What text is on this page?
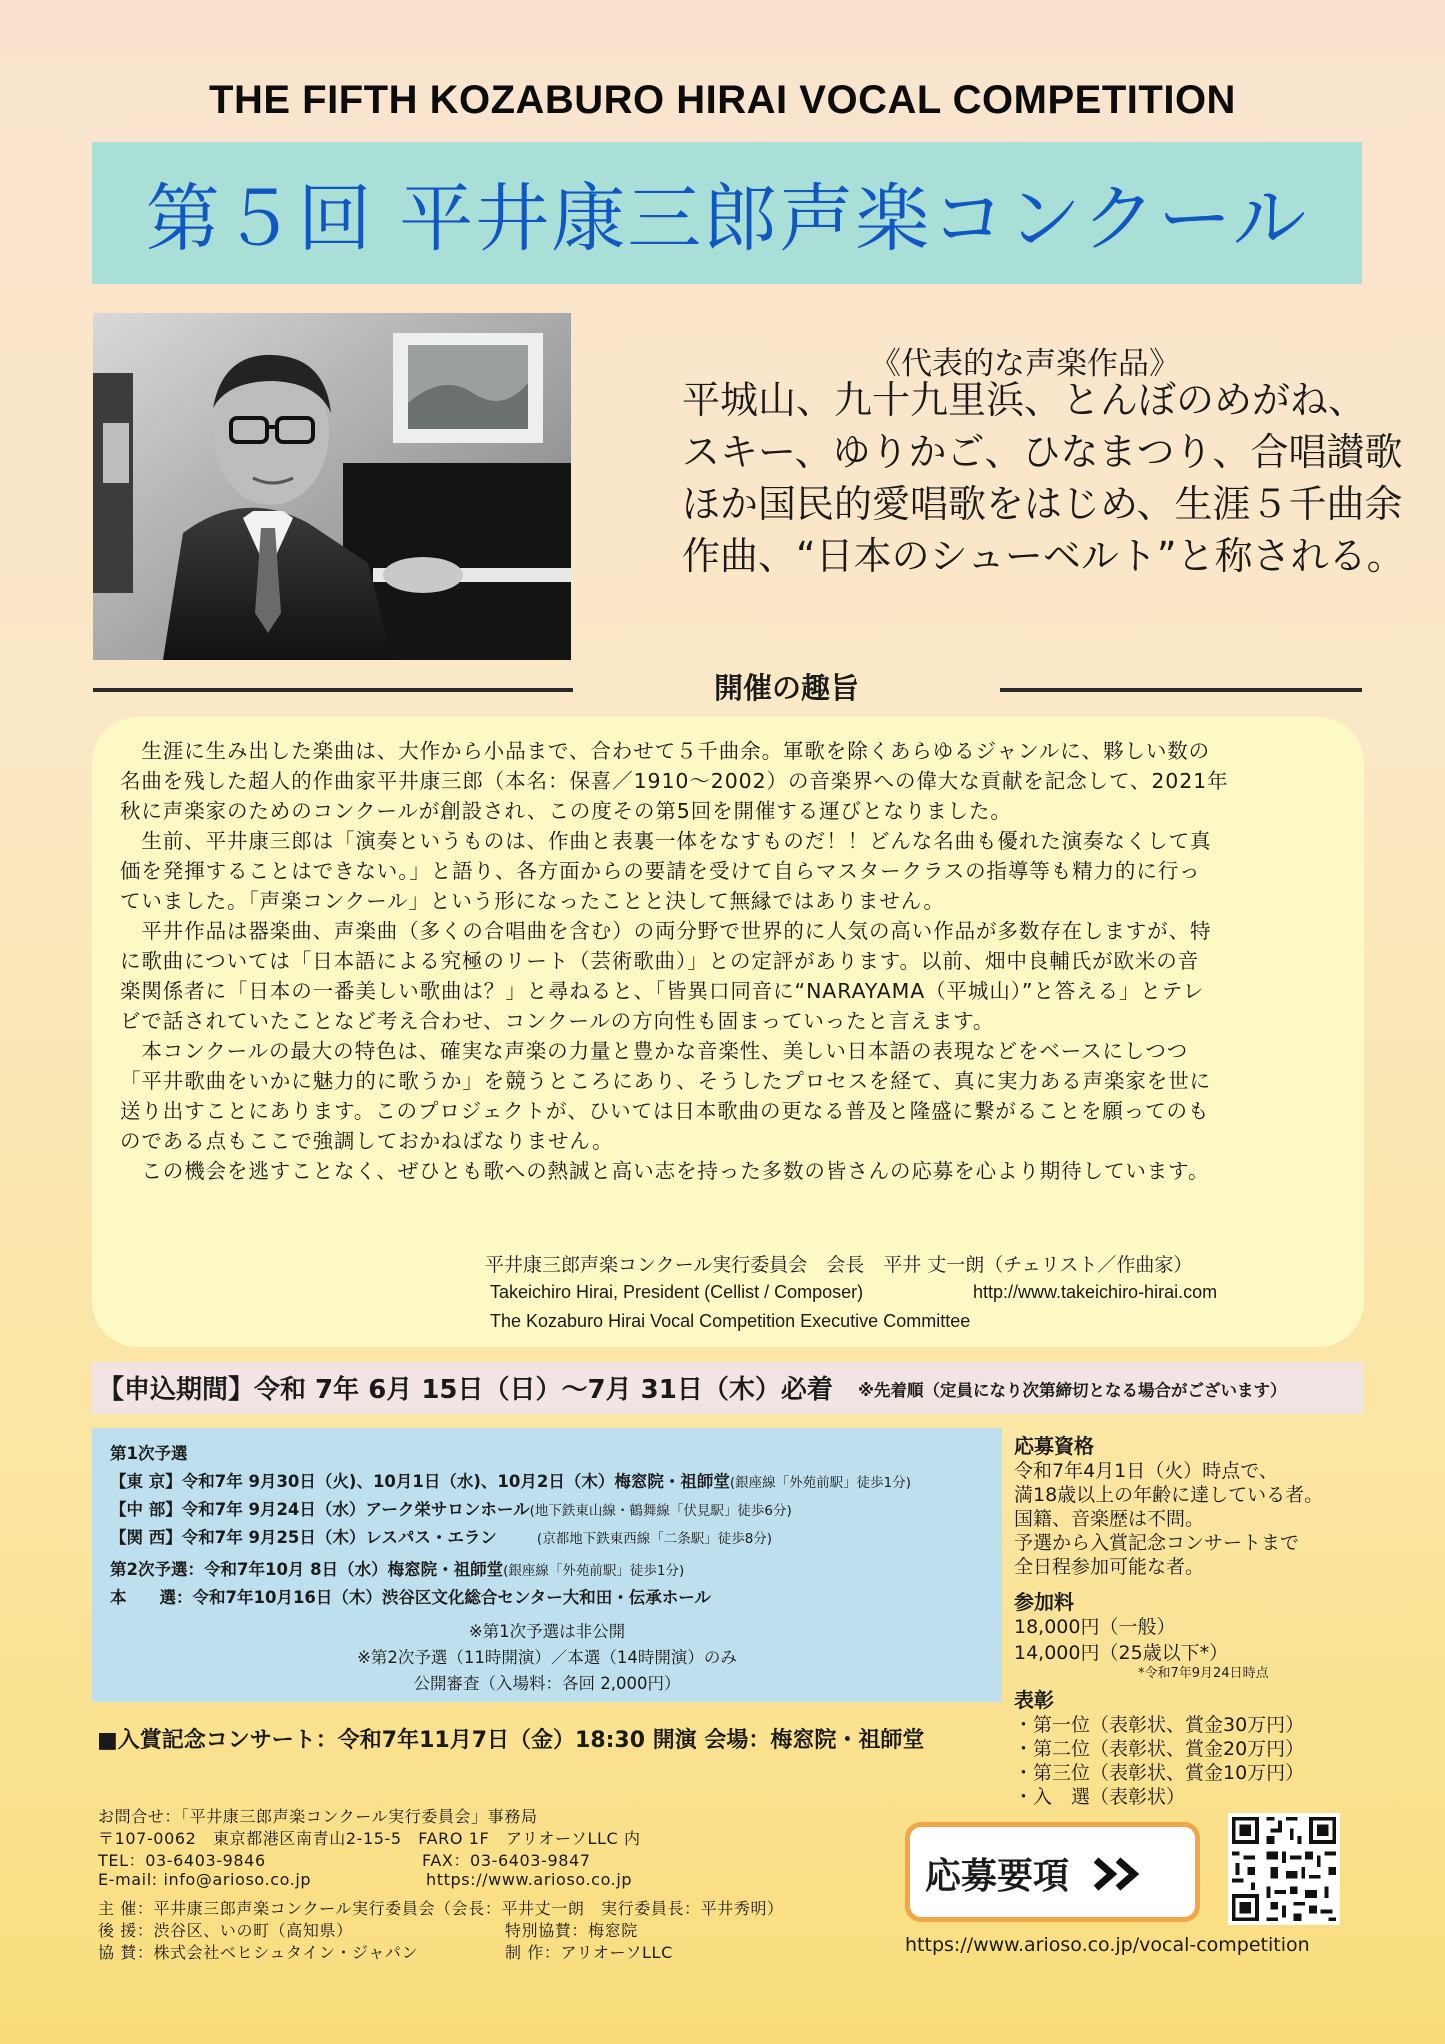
THE FIFTH KOZABURO HIRAI VOCAL COMPETITION
第５回 平井康三郎声楽コンクール
《代表的な声楽作品》
平城山、九十九里浜、とんぼのめがね、
スキー、ゆりかご、ひなまつり、合唱讃歌
ほか国民的愛唱歌をはじめ、生涯５千曲余
作曲、“日本のシューベルト”と称される。
開催の趣旨
　生涯に生み出した楽曲は、大作から小品まで、合わせて５千曲余。軍歌を除くあらゆるジャンルに、夥しい数の
名曲を残した超人的作曲家平井康三郎（本名：保喜／1910～2002）の音楽界への偉大な貢献を記念して、2021年
秋に声楽家のためのコンクールが創設され、この度その第5回を開催する運びとなりました。
　生前、平井康三郎は「演奏というものは、作曲と表裏一体をなすものだ！！どんな名曲も優れた演奏なくして真
価を発揮することはできない。」と語り、各方面からの要請を受けて自らマスタークラスの指導等も精力的に行っ
ていました。「声楽コンクール」という形になったことと決して無縁ではありません。
　平井作品は器楽曲、声楽曲（多くの合唱曲を含む）の両分野で世界的に人気の高い作品が多数存在しますが、特
に歌曲については「日本語による究極のリート（芸術歌曲）」との定評があります。以前、畑中良輔氏が欧米の音
楽関係者に「日本の一番美しい歌曲は？」と尋ねると、「皆異口同音に“NARAYAMA（平城山）”と答える」とテレ
ビで話されていたことなど考え合わせ、コンクールの方向性も固まっていったと言えます。
　本コンクールの最大の特色は、確実な声楽の力量と豊かな音楽性、美しい日本語の表現などをベースにしつつ
「平井歌曲をいかに魅力的に歌うか」を競うところにあり、そうしたプロセスを経て、真に実力ある声楽家を世に
送り出すことにあります。このプロジェクトが、ひいては日本歌曲の更なる普及と隆盛に繋がることを願ってのも
のである点もここで強調しておかねばなりません。
　この機会を逃すことなく、ぜひとも歌への熱誠と高い志を持った多数の皆さんの応募を心より期待しています。
平井康三郎声楽コンクール実行委員会　会長　平井 丈一朗（チェリスト／作曲家）
Takeichiro Hirai, President (Cellist / Composer)	http://www.takeichiro-hirai.com
The Kozaburo Hirai Vocal Competition Executive Committee
【申込期間】令和 7年 6月 15日（日）～7月 31日（木）必着 ※先着順（定員になり次第締切となる場合がございます）
第1次予選
【東 京】令和7年 9月30日（火)、10月1日（水)、10月2日（木）梅窓院・祖師堂(銀座線「外苑前駅」徒歩1分)
【中 部】令和7年 9月24日（水）アーク栄サロンホール(地下鉄東山線・鶴舞線「伏見駅」徒歩6分)
【関 西】令和7年 9月25日（木）レスパス・エラン	(京都地下鉄東西線「二条駅」徒歩8分)
第2次予選：令和7年10月 8日（水）梅窓院・祖師堂(銀座線「外苑前駅」徒歩1分)
本　　選：令和7年10月16日（木）渋谷区文化総合センター大和田・伝承ホール
※第1次予選は非公開
※第2次予選（11時開演）／本選（14時開演）のみ
公開審査（入場料：各回 2,000円）
■入賞記念コンサート：令和7年11月7日（金）18:30 開演 会場：梅窓院・祖師堂
応募資格
令和7年4月1日（火）時点で、
満18歳以上の年齢に達している者。
国籍、音楽歴は不問。
予選から入賞記念コンサートまで
全日程参加可能な者。
参加料
18,000円（一般）
14,000円（25歳以下*）
*令和7年9月24日時点
表彰
・第一位（表彰状、賞金30万円）
・第二位（表彰状、賞金20万円）
・第三位（表彰状、賞金10万円）
・入　選（表彰状）
お問合せ：「平井康三郎声楽コンクール実行委員会」事務局
〒107-0062　東京都港区南青山2-15-5　FARO 1F　アリオーソLLC 内
TEL：03-6403-9846	FAX：03-6403-9847
E-mail: info@arioso.co.jp	https://www.arioso.co.jp
主 催：平井康三郎声楽コンクール実行委員会（会長：平井丈一朗　実行委員長：平井秀明）
後 援：渋谷区、いの町（高知県）	特別協賛：梅窓院
協 賛：株式会社ベヒシュタイン・ジャパン	制 作：アリオーソLLC
応募要項
https://www.arioso.co.jp/vocal-competition
